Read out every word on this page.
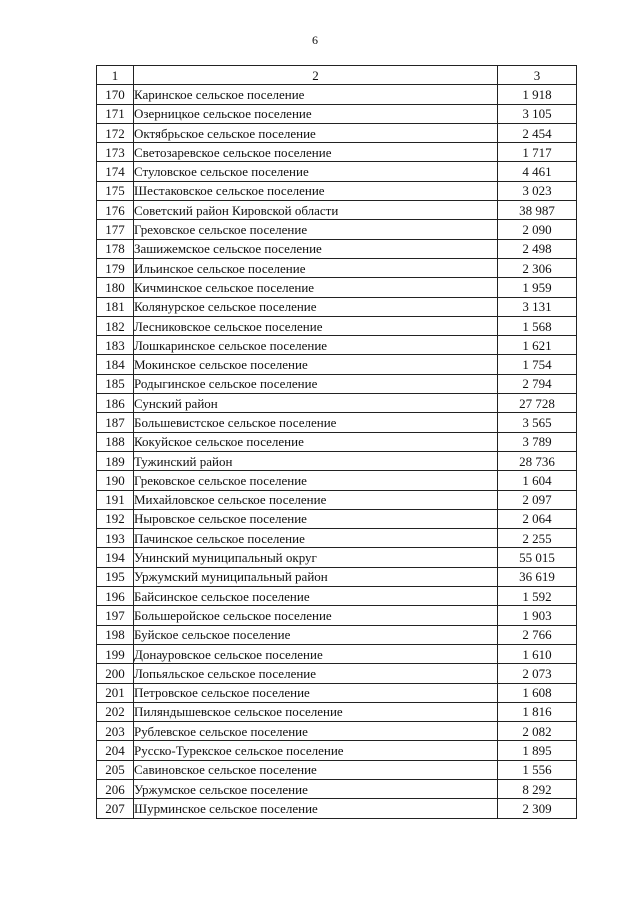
6
1	2	3
170	Каринское сельское поселение	1 918
171	Озерницкое сельское поселение	3 105
172	Октябрьское сельское поселение	2 454
173	Светозаревское сельское поселение	1 717
174	Стуловское сельское поселение	4 461
175	Шестаковское сельское поселение	3 023
176	Советский район Кировской области	38 987
177	Греховское сельское поселение	2 090
178	Зашижемское сельское поселение	2 498
179	Ильинское сельское поселение	2 306
180	Кичминское сельское поселение	1 959
181	Колянурское сельское поселение	3 131
182	Лесниковское сельское поселение	1 568
183	Лошкаринское сельское поселение	1 621
184	Мокинское сельское поселение	1 754
185	Родыгинское сельское поселение	2 794
186	Сунский район	27 728
187	Большевистское сельское поселение	3 565
188	Кокуйское сельское поселение	3 789
189	Тужинский район	28 736
190	Грековское сельское поселение	1 604
191	Михайловское сельское поселение	2 097
192	Ныровское сельское поселение	2 064
193	Пачинское сельское поселение	2 255
194	Унинский муниципальный округ	55 015
195	Уржумский муниципальный район	36 619
196	Байсинское сельское поселение	1 592
197	Большеройское сельское поселение	1 903
198	Буйское сельское поселение	2 766
199	Донауровское сельское поселение	1 610
200	Лопьяльское сельское поселение	2 073
201	Петровское сельское поселение	1 608
202	Пиляндышевское сельское поселение	1 816
203	Рублевское сельское поселение	2 082
204	Русско-Турекское сельское поселение	1 895
205	Савиновское сельское поселение	1 556
206	Уржумское сельское поселение	8 292
207	Шурминское сельское поселение	2 309
